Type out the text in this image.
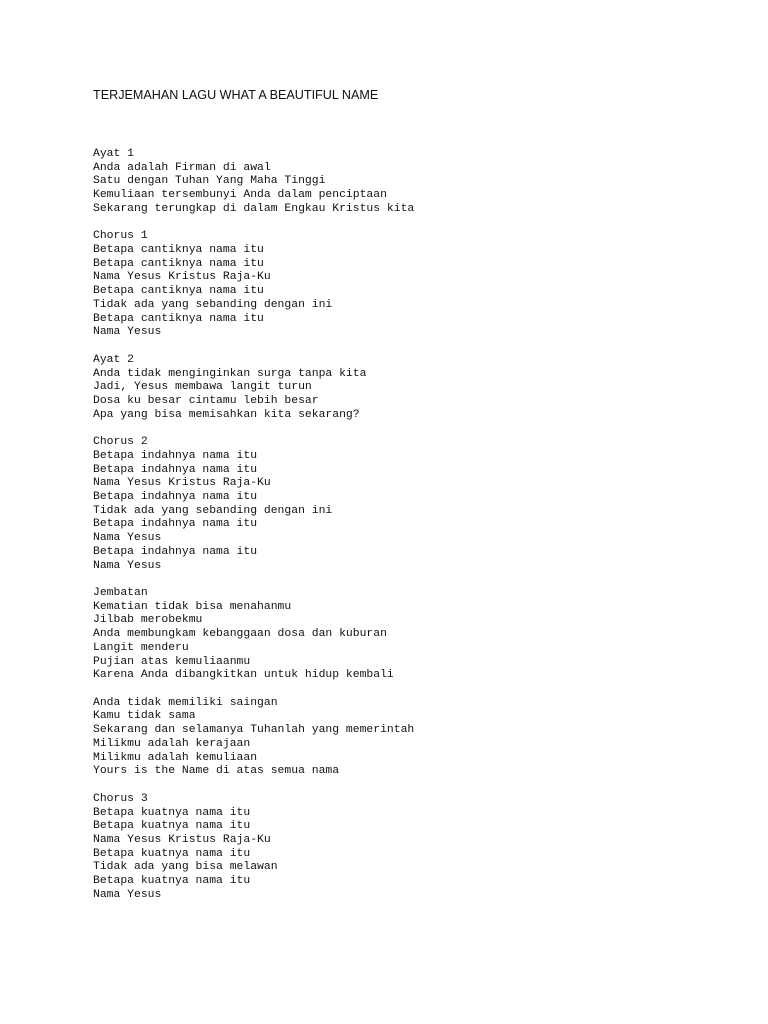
TERJEMAHAN LAGU WHAT A BEAUTIFUL NAME
Ayat 1
Anda adalah Firman di awal
Satu dengan Tuhan Yang Maha Tinggi
Kemuliaan tersembunyi Anda dalam penciptaan
Sekarang terungkap di dalam Engkau Kristus kita
Chorus 1
Betapa cantiknya nama itu
Betapa cantiknya nama itu
Nama Yesus Kristus Raja-Ku
Betapa cantiknya nama itu
Tidak ada yang sebanding dengan ini
Betapa cantiknya nama itu
Nama Yesus
Ayat 2
Anda tidak menginginkan surga tanpa kita
Jadi, Yesus membawa langit turun
Dosa ku besar cintamu lebih besar
Apa yang bisa memisahkan kita sekarang?
Chorus 2
Betapa indahnya nama itu
Betapa indahnya nama itu
Nama Yesus Kristus Raja-Ku
Betapa indahnya nama itu
Tidak ada yang sebanding dengan ini
Betapa indahnya nama itu
Nama Yesus
Betapa indahnya nama itu
Nama Yesus
Jembatan
Kematian tidak bisa menahanmu
Jilbab merobekmu
Anda membungkam kebanggaan dosa dan kuburan
Langit menderu
Pujian atas kemuliaanmu
Karena Anda dibangkitkan untuk hidup kembali
Anda tidak memiliki saingan
Kamu tidak sama
Sekarang dan selamanya Tuhanlah yang memerintah
Milikmu adalah kerajaan
Milikmu adalah kemuliaan
Yours is the Name di atas semua nama
Chorus 3
Betapa kuatnya nama itu
Betapa kuatnya nama itu
Nama Yesus Kristus Raja-Ku
Betapa kuatnya nama itu
Tidak ada yang bisa melawan
Betapa kuatnya nama itu
Nama Yesus
